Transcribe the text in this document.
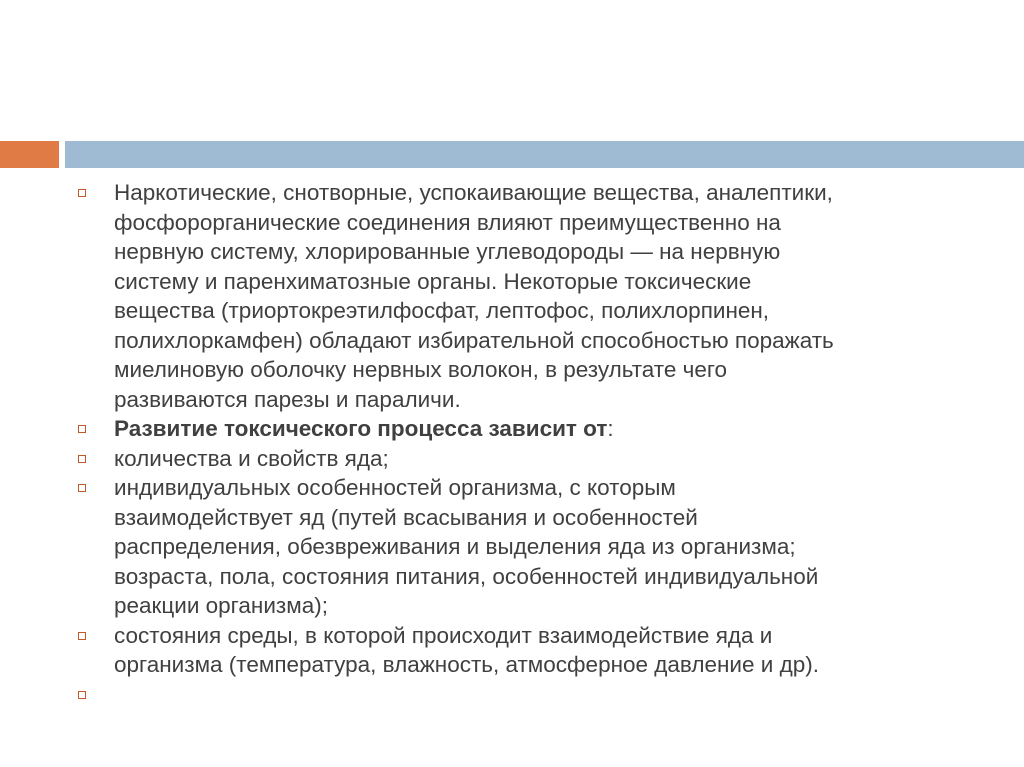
Наркотические, снотворные, успокаивающие вещества, аналептики,
фосфорорганические соединения влияют преимущественно на
нервную систему, хлорированные углеводороды — на нервную
систему и паренхиматозные органы. Некоторые токсические
вещества (триортокреэтилфосфат, лептофос, полихлорпинен,
полихлоркамфен) обладают избирательной способностью поражать
миелиновую оболочку нервных волокон, в результате чего
развиваются парезы и параличи.
Развитие токсического процесса зависит от:
количества и свойств яда;
индивидуальных особенностей организма, с которым
взаимодействует яд (путей всасывания и особенностей
распределения, обезвреживания и выделения яда из организма;
возраста, пола, состояния питания, особенностей индивидуальной
реакции организма);
состояния среды, в которой происходит взаимодействие яда и
организма (температура, влажность, атмосферное давление и др).
